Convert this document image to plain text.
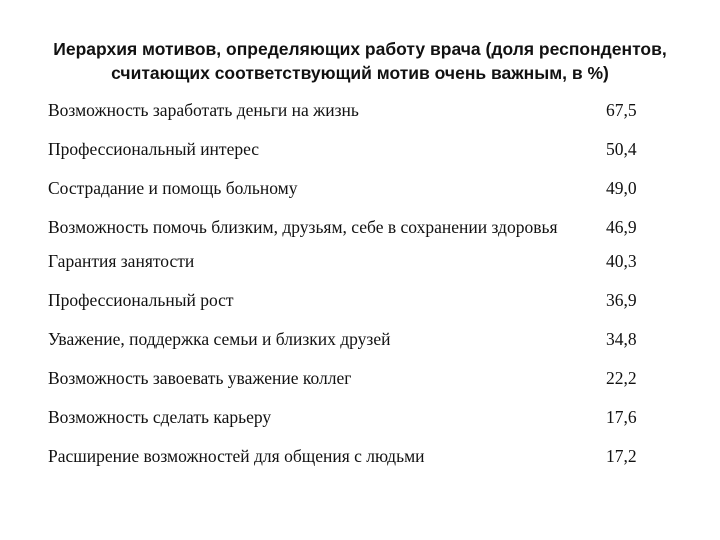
Иерархия мотивов, определяющих работу врача (доля респондентов,
считающих соответствующий мотив очень важным, в %)
Возможность заработать деньги на жизнь	67,5
Профессиональный интерес	50,4
Сострадание и помощь больному	49,0
Возможность помочь близким, друзьям, себе в сохранении здоровья	46,9
Гарантия занятости	40,3
Профессиональный рост	36,9
Уважение, поддержка семьи и близких друзей	34,8
Возможность завоевать уважение коллег	22,2
Возможность сделать карьеру	17,6
Расширение возможностей для общения с людьми	17,2
